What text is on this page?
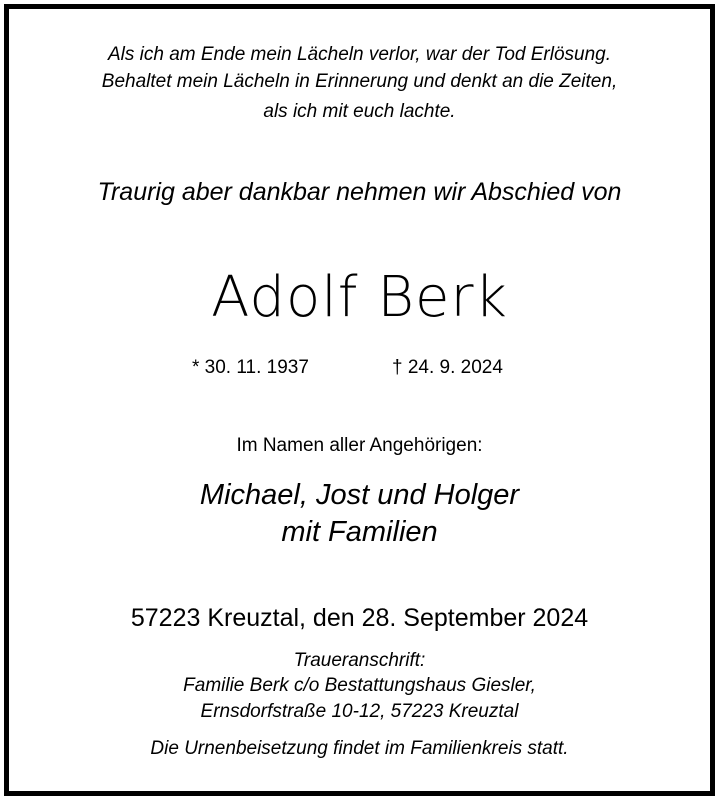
Als ich am Ende mein Lächeln verlor, war der Tod Erlösung.
Behaltet mein Lächeln in Erinnerung und denkt an die Zeiten,
als ich mit euch lachte.
Traurig aber dankbar nehmen wir Abschied von
Adolf Berk
* 30. 11. 1937	† 24. 9. 2024
Im Namen aller Angehörigen:
Michael, Jost und Holger
mit Familien
57223 Kreuztal, den 28. September 2024
Traueranschrift:
Familie Berk c/o Bestattungshaus Giesler,
Ernsdorfstraße 10-12, 57223 Kreuztal
Die Urnenbeisetzung findet im Familienkreis statt.
